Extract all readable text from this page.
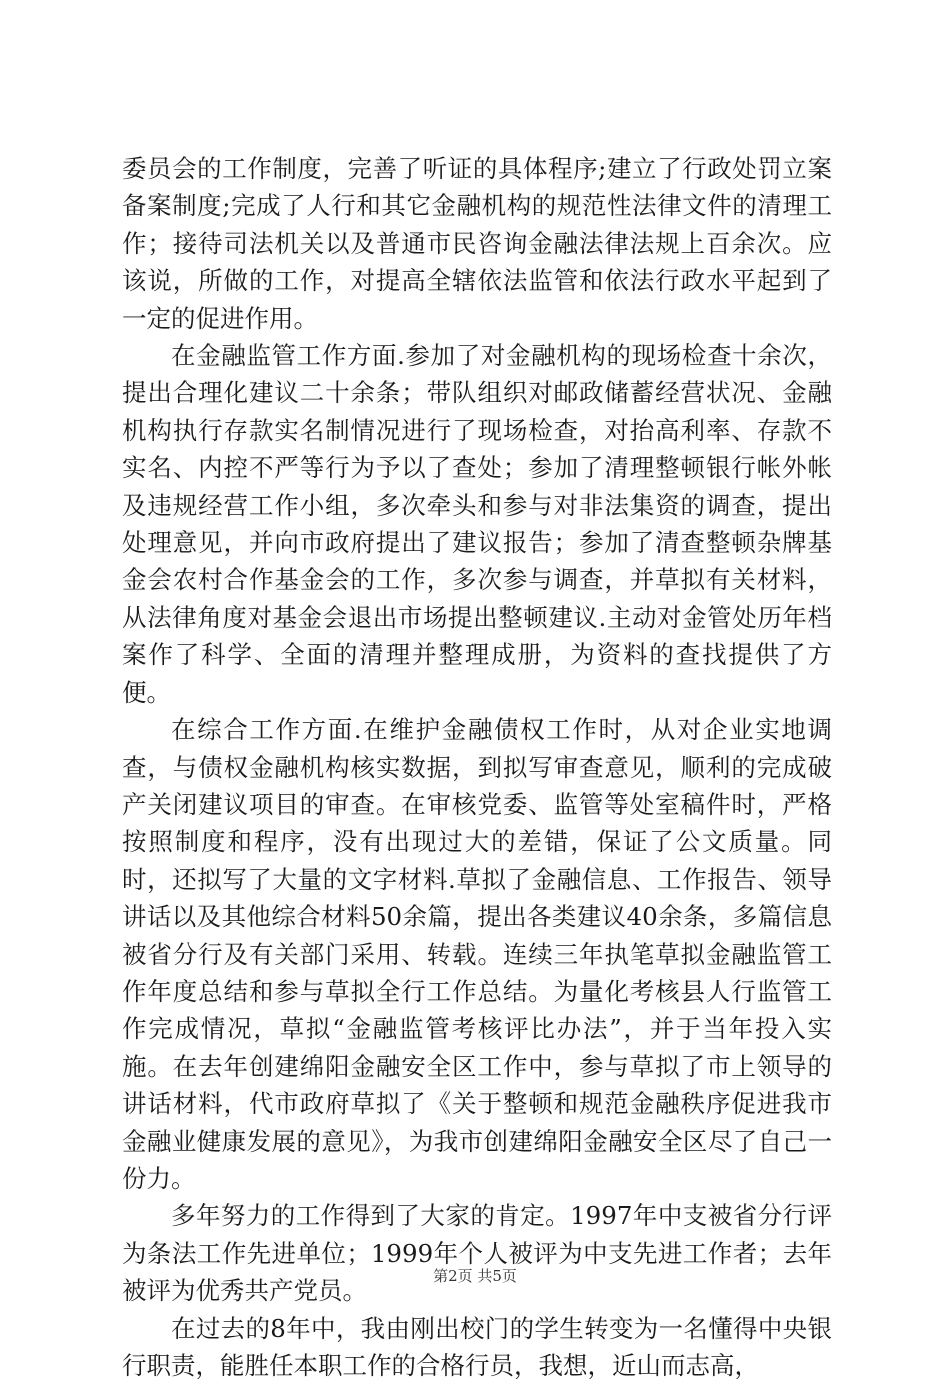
委员会的工作制度，完善了听证的具体程序;建立了行政处罚立案备案制度;完成了人行和其它金融机构的规范性法律文件的清理工作；接待司法机关以及普通市民咨询金融法律法规上百余次。应该说，所做的工作，对提高全辖依法监管和依法行政水平起到了一定的促进作用。

在金融监管工作方面.参加了对金融机构的现场检查十余次，提出合理化建议二十余条；带队组织对邮政储蓄经营状况、金融机构执行存款实名制情况进行了现场检查，对抬高利率、存款不实名、内控不严等行为予以了查处；参加了清理整顿银行帐外帐及违规经营工作小组，多次牵头和参与对非法集资的调查，提出处理意见，并向市政府提出了建议报告；参加了清查整顿杂牌基金会农村合作基金会的工作，多次参与调查，并草拟有关材料，从法律角度对基金会退出市场提出整顿建议.主动对金管处历年档案作了科学、全面的清理并整理成册，为资料的查找提供了方便。

在综合工作方面.在维护金融债权工作时，从对企业实地调查，与债权金融机构核实数据，到拟写审查意见，顺利的完成破产关闭建议项目的审查。在审核党委、监管等处室稿件时，严格按照制度和程序，没有出现过大的差错，保证了公文质量。同时，还拟写了大量的文字材料.草拟了金融信息、工作报告、领导讲话以及其他综合材料50余篇，提出各类建议40余条，多篇信息被省分行及有关部门采用、转载。连续三年执笔草拟金融监管工作年度总结和参与草拟全行工作总结。为量化考核县人行监管工作完成情况，草拟“金融监管考核评比办法”，并于当年投入实施。在去年创建绵阳金融安全区工作中，参与草拟了市上领导的讲话材料，代市政府草拟了《关于整顿和规范金融秩序促进我市金融业健康发展的意见》，为我市创建绵阳金融安全区尽了自己一份力。

多年努力的工作得到了大家的肯定。1997年中支被省分行评为条法工作先进单位；1999年个人被评为中支先进工作者；去年被评为优秀共产党员。

在过去的8年中，我由刚出校门的学生转变为一名懂得中央银行职责，能胜任本职工作的合格行员，我想，近山而志高，

第2页 共5页
